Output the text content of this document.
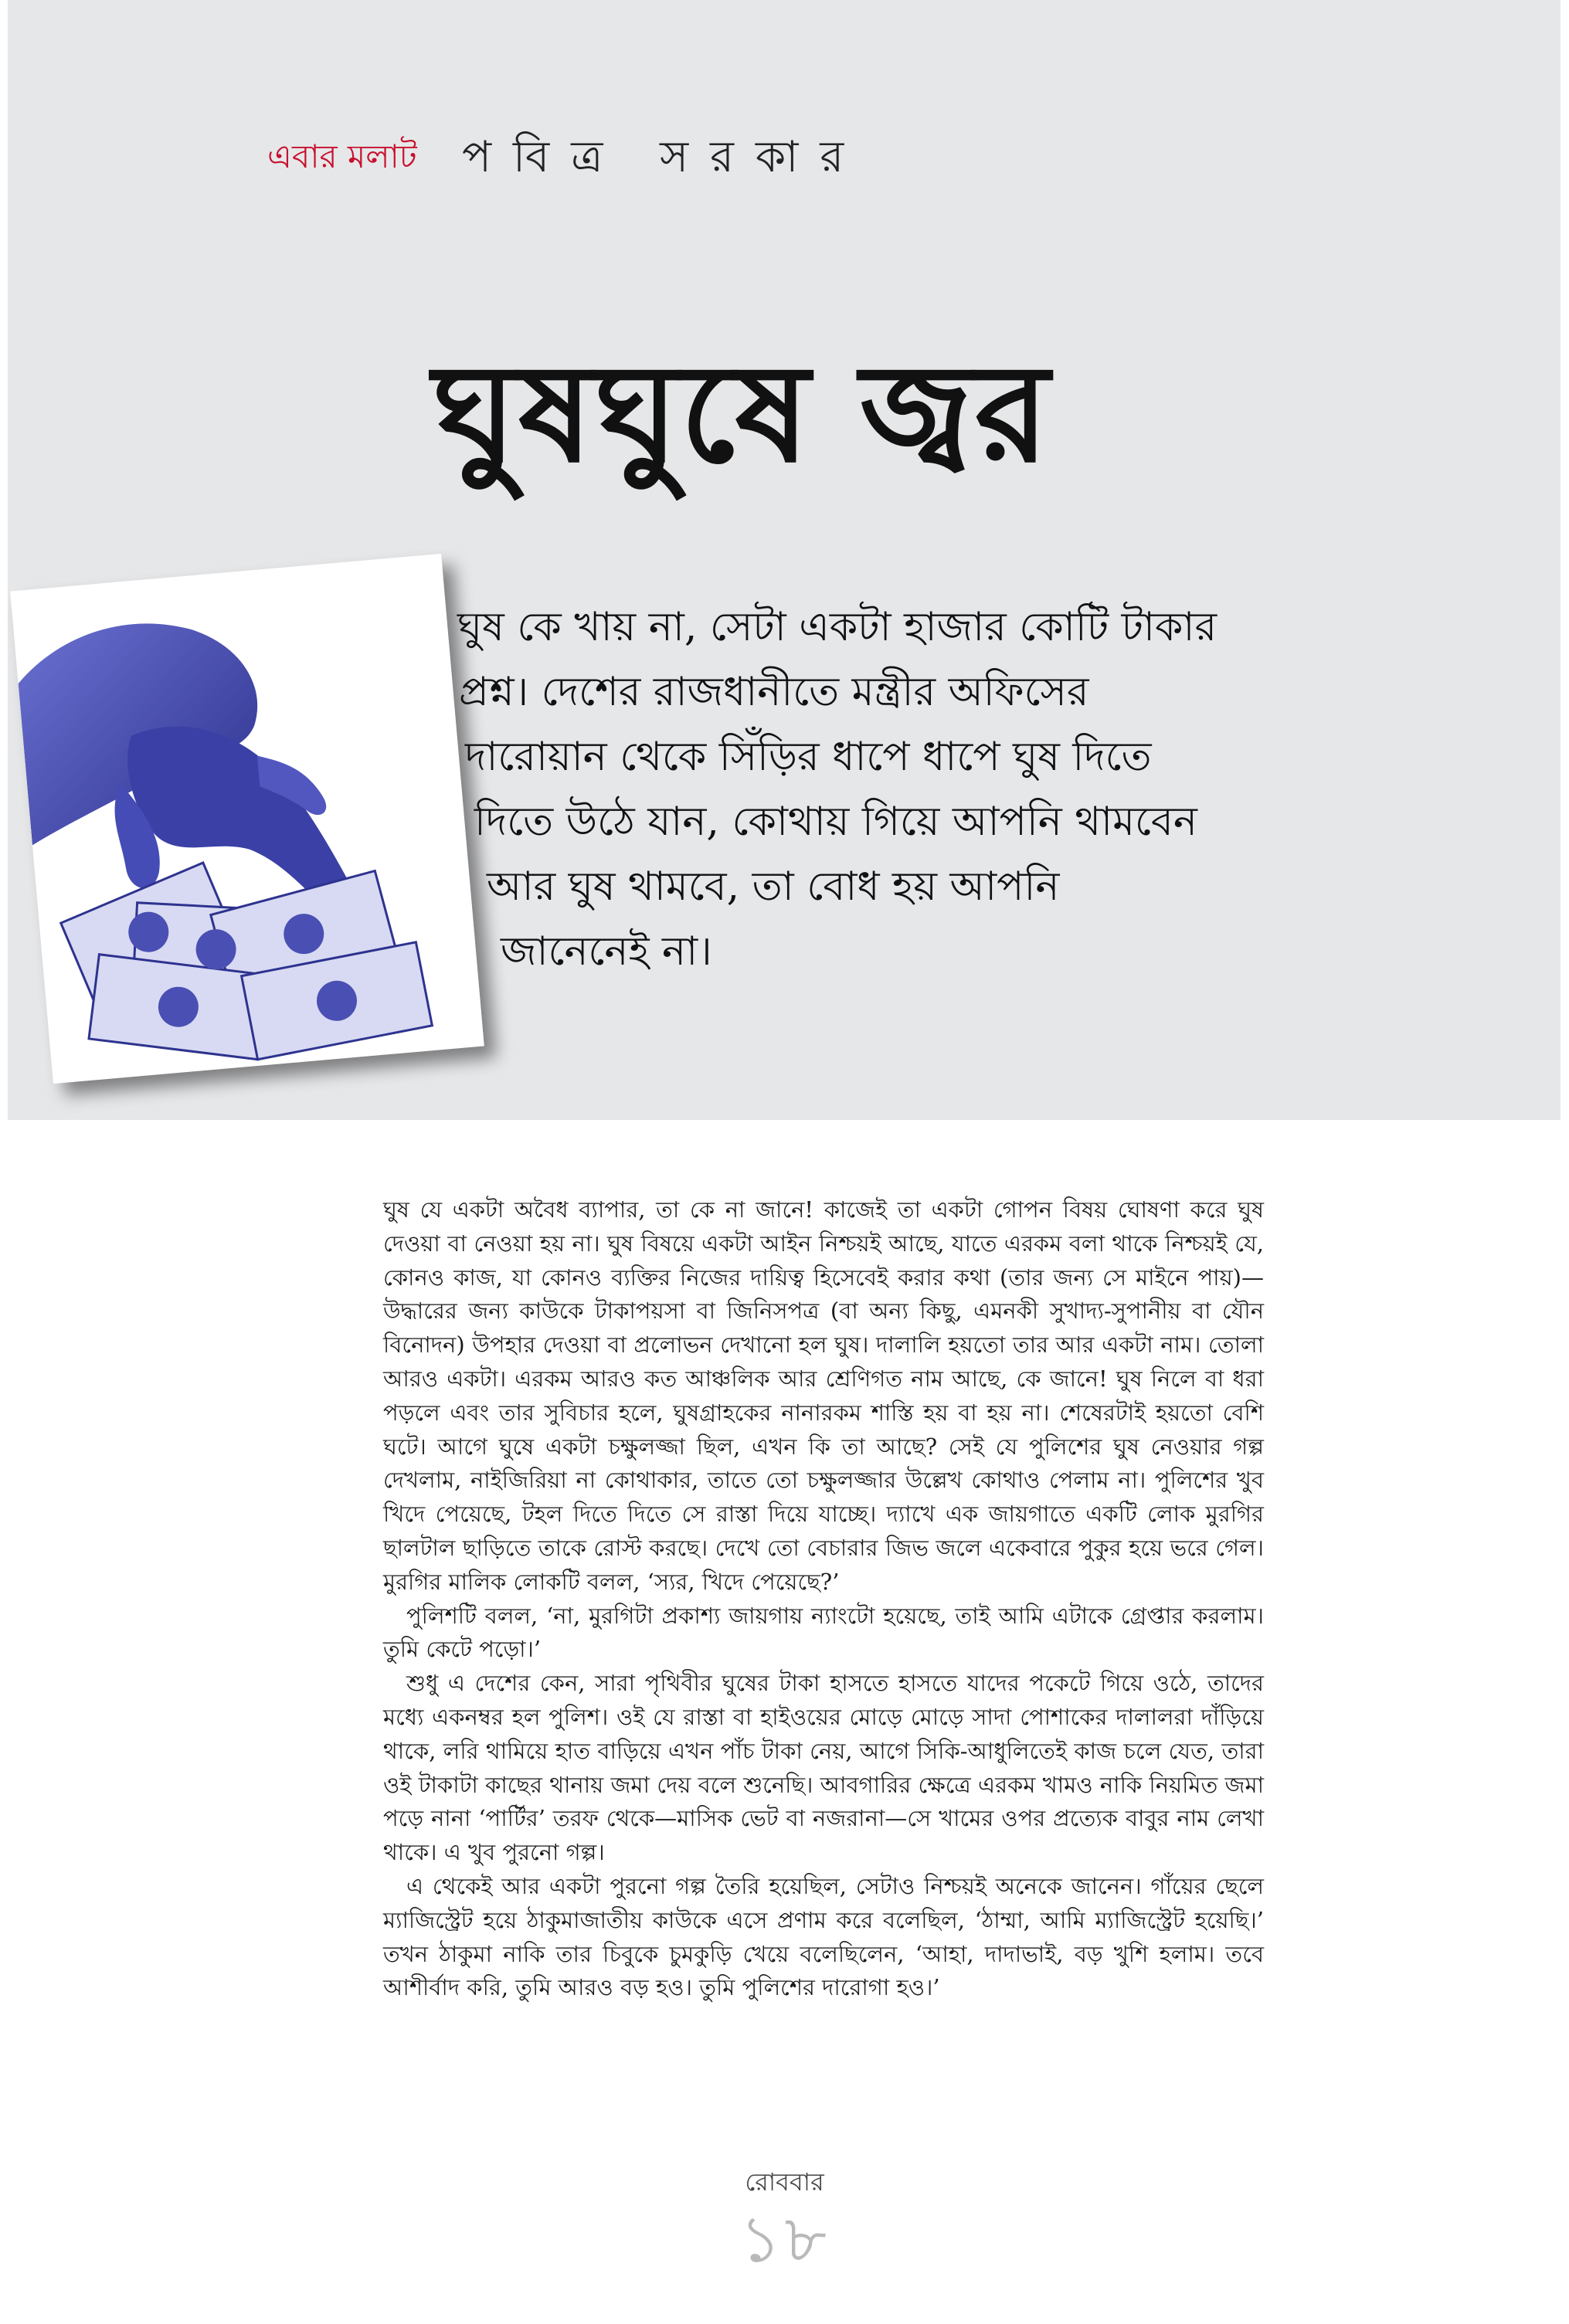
এবার মলাট পবিত্র সরকার
ঘুষঘুষে জ্বর
ঘুষ কে খায় না, সেটা একটা হাজার কোটি টাকার
প্রশ্ন। দেশের রাজধানীতে মন্ত্রীর অফিসের
দারোয়ান থেকে সিঁড়ির ধাপে ধাপে ঘুষ দিতে
দিতে উঠে যান, কোথায় গিয়ে আপনি থামবেন
আর ঘুষ থামবে, তা বোধ হয় আপনি
জানেনেই না।

ঘুষ যে একটা অবৈধ ব্যাপার, তা কে না জানে! কাজেই তা একটা গোপন বিষয় ঘোষণা করে ঘুষ দেওয়া বা নেওয়া হয় না। ঘুষ বিষয়ে একটা আইন নিশ্চয়ই আছে, যাতে এরকম বলা থাকে নিশ্চয়ই যে, কোনও কাজ, যা কোনও ব্যক্তির নিজের দায়িত্ব হিসেবেই করার কথা (তার জন্য সে মাইনে পায়)—উদ্ধারের জন্য কাউকে টাকাপয়সা বা জিনিসপত্র (বা অন্য কিছু, এমনকী সুখাদ্য-সুপানীয় বা যৌন বিনোদন) উপহার দেওয়া বা প্রলোভন দেখানো হল ঘুষ। দালালি হয়তো তার আর একটা নাম। তোলা আরও একটা। এরকম আরও কত আঞ্চলিক আর শ্রেণিগত নাম আছে, কে জানে! ঘুষ নিলে বা ধরা পড়লে এবং তার সুবিচার হলে, ঘুষগ্রাহকের নানারকম শাস্তি হয় বা হয় না। শেষেরটাই হয়তো বেশি ঘটে। আগে ঘুষে একটা চক্ষুলজ্জা ছিল, এখন কি তা আছে? সেই যে পুলিশের ঘুষ নেওয়ার গল্প দেখলাম, নাইজিরিয়া না কোথাকার, তাতে তো চক্ষুলজ্জার উল্লেখ কোথাও পেলাম না। পুলিশের খুব খিদে পেয়েছে, টহল দিতে দিতে সে রাস্তা দিয়ে যাচ্ছে। দ্যাখে এক জায়গাতে একটি লোক মুরগির ছালটাল ছাড়িতে তাকে রোস্ট করছে। দেখে তো বেচারার জিভ জলে একেবারে পুকুর হয়ে ভরে গেল। মুরগির মালিক লোকটি বলল, ‘স্যর, খিদে পেয়েছে?’

পুলিশটি বলল, ‘না, মুরগিটা প্রকাশ্য জায়গায় ন্যাংটো হয়েছে, তাই আমি এটাকে গ্রেপ্তার করলাম। তুমি কেটে পড়ো।’

শুধু এ দেশের কেন, সারা পৃথিবীর ঘুষের টাকা হাসতে হাসতে যাদের পকেটে গিয়ে ওঠে, তাদের মধ্যে একনম্বর হল পুলিশ। ওই যে রাস্তা বা হাইওয়ের মোড়ে মোড়ে সাদা পোশাকের দালালরা দাঁড়িয়ে থাকে, লরি থামিয়ে হাত বাড়িয়ে এখন পাঁচ টাকা নেয়, আগে সিকি-আধুলিতেই কাজ চলে যেত, তারা ওই টাকাটা কাছের থানায় জমা দেয় বলে শুনেছি। আবগারির ক্ষেত্রে এরকম খামও নাকি নিয়মিত জমা পড়ে নানা ‘পার্টির’ তরফ থেকে—মাসিক ভেট বা নজরানা—সে খামের ওপর প্রত্যেক বাবুর নাম লেখা থাকে। এ খুব পুরনো গল্প।

এ থেকেই আর একটা পুরনো গল্প তৈরি হয়েছিল, সেটাও নিশ্চয়ই অনেকে জানেন। গাঁয়ের ছেলে ম্যাজিস্ট্রেট হয়ে ঠাকুমাজাতীয় কাউকে এসে প্রণাম করে বলেছিল, ‘ঠাম্মা, আমি ম্যাজিস্ট্রেট হয়েছি।’ তখন ঠাকুমা নাকি তার চিবুকে চুমকুড়ি খেয়ে বলেছিলেন, ‘আহা, দাদাভাই, বড় খুশি হলাম। তবে আশীর্বাদ করি, তুমি আরও বড় হও। তুমি পুলিশের দারোগা হও।’

রোববার
১৮
